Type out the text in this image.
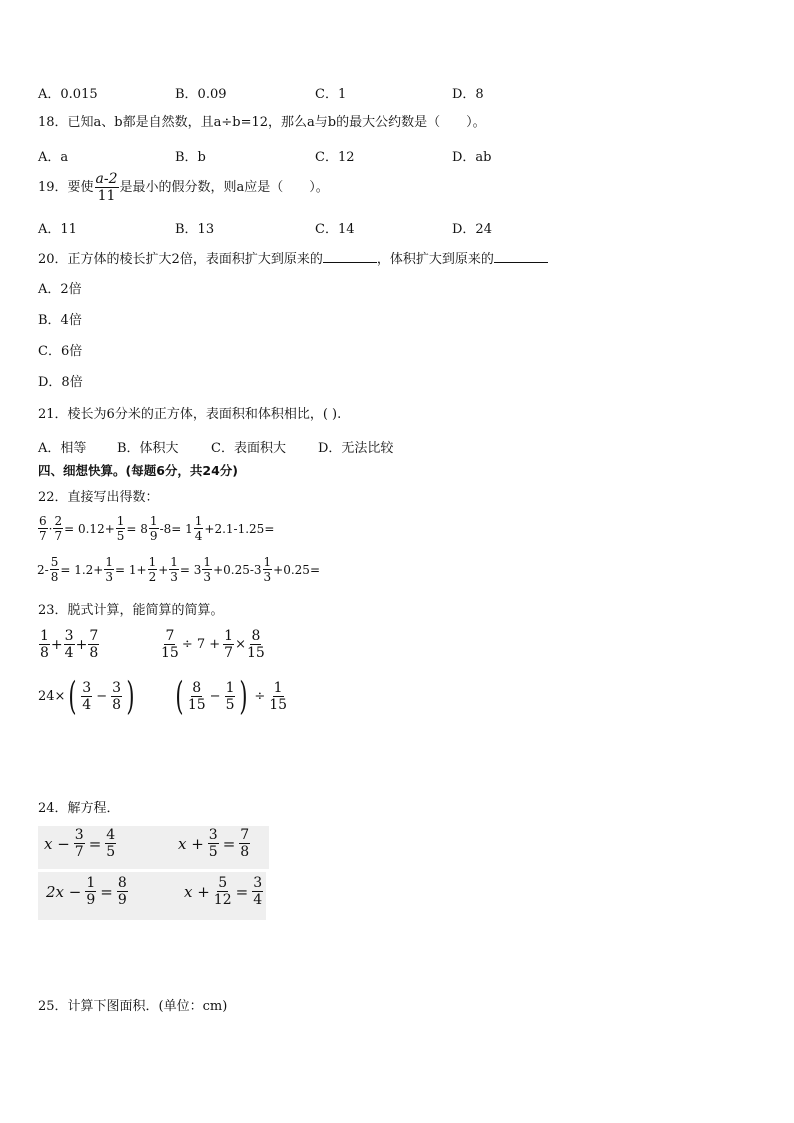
A．0.015	B．0.09	C．1	D．8
18．已知a、b都是自然数，且a÷b=12，那么a与b的最大公约数是（　　）。
A．a	B．b	C．12	D．ab
19．要使 $\frac{a-2}{11}$ 是最小的假分数，则a应是（　　）。
A．11	B．13	C．14	D．24
20．正方体的棱长扩大2倍，表面积扩大到原来的	，体积扩大到原来的
A．2倍
B．4倍
C．6倍
D．8倍
21．棱长为6分米的正方体，表面积和体积相比，( ).
A．相等 B．体积大 C．表面积大 D．无法比较
四、细想快算。(每题6分，共24分)
22．直接写出得数：
$\frac{6}{7} \cdot \frac{2}{7} = 0.12+ \frac{1}{5} = 8 \frac{1}{9} -8= 1 \frac{1}{4} +2.1-1.25=$
$2- \frac{5}{8} = 1.2+ \frac{1}{3} = 1+ \frac{1}{2} + \frac{1}{3} = 3 \frac{1}{3} +0.25-3 \frac{1}{3} +0.25=$
23．脱式计算，能简算的简算。
$\frac{1}{8} + \frac{3}{4} + \frac{7}{8}$	$\frac{7}{15} \div 7 + \frac{1}{7} \times \frac{8}{15}$
24× ( $\frac{3}{4} - \frac{3}{8}$ ) ( $\frac{8}{15} - \frac{1}{5}$ ) ÷ $\frac{1}{15}$
24．解方程．
$x - \frac{3}{7} = \frac{4}{5}$	$x + \frac{3}{5} = \frac{7}{8}$
$2x - \frac{1}{9} = \frac{8}{9}$	$x + \frac{5}{12} = \frac{3}{4}$
25．计算下图面积．(单位：cm)
